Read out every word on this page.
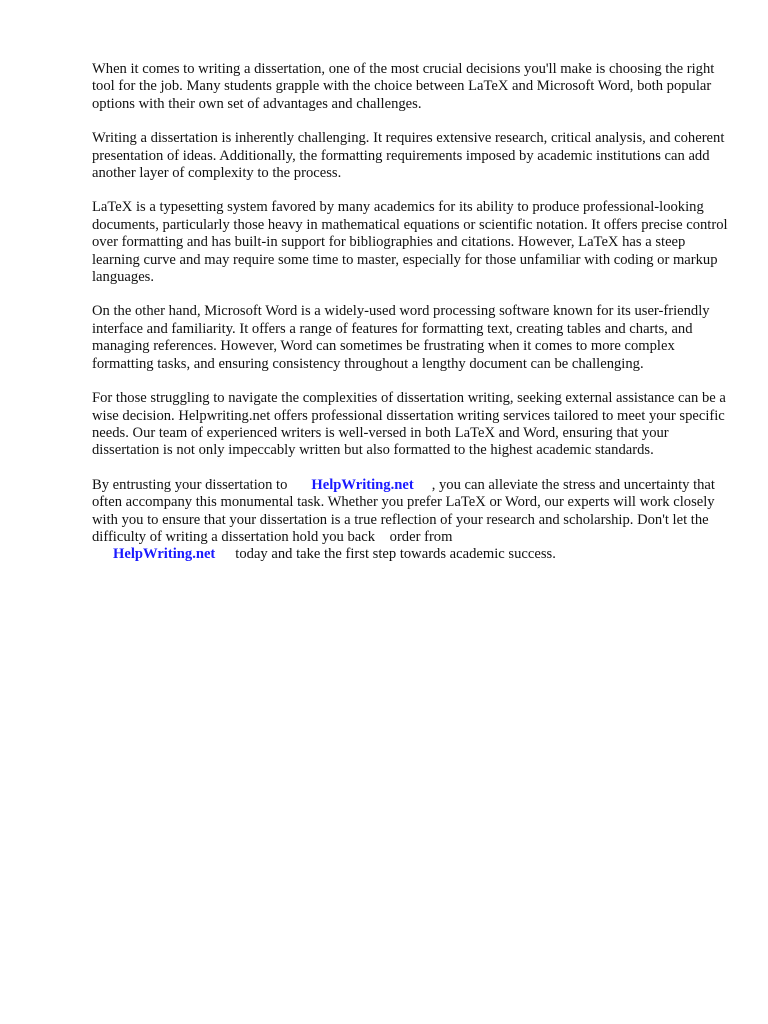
When it comes to writing a dissertation, one of the most crucial decisions you'll make is choosing the right tool for the job. Many students grapple with the choice between LaTeX and Microsoft Word, both popular options with their own set of advantages and challenges.

Writing a dissertation is inherently challenging. It requires extensive research, critical analysis, and coherent presentation of ideas. Additionally, the formatting requirements imposed by academic institutions can add another layer of complexity to the process.

LaTeX is a typesetting system favored by many academics for its ability to produce professional-looking documents, particularly those heavy in mathematical equations or scientific notation. It offers precise control over formatting and has built-in support for bibliographies and citations. However, LaTeX has a steep learning curve and may require some time to master, especially for those unfamiliar with coding or markup languages.

On the other hand, Microsoft Word is a widely-used word processing software known for its user-friendly interface and familiarity. It offers a range of features for formatting text, creating tables and charts, and managing references. However, Word can sometimes be frustrating when it comes to more complex formatting tasks, and ensuring consistency throughout a lengthy document can be challenging.

For those struggling to navigate the complexities of dissertation writing, seeking external assistance can be a wise decision. Helpwriting.net offers professional dissertation writing services tailored to meet your specific needs. Our team of experienced writers is well-versed in both LaTeX and Word, ensuring that your dissertation is not only impeccably written but also formatted to the highest academic standards.

By entrusting your dissertation to HelpWriting.net , you can alleviate the stress and uncertainty that often accompany this monumental task. Whether you prefer LaTeX or Word, our experts will work closely with you to ensure that your dissertation is a true reflection of your research and scholarship. Don't let the difficulty of writing a dissertation hold you back order from
HelpWriting.net today and take the first step towards academic success.
